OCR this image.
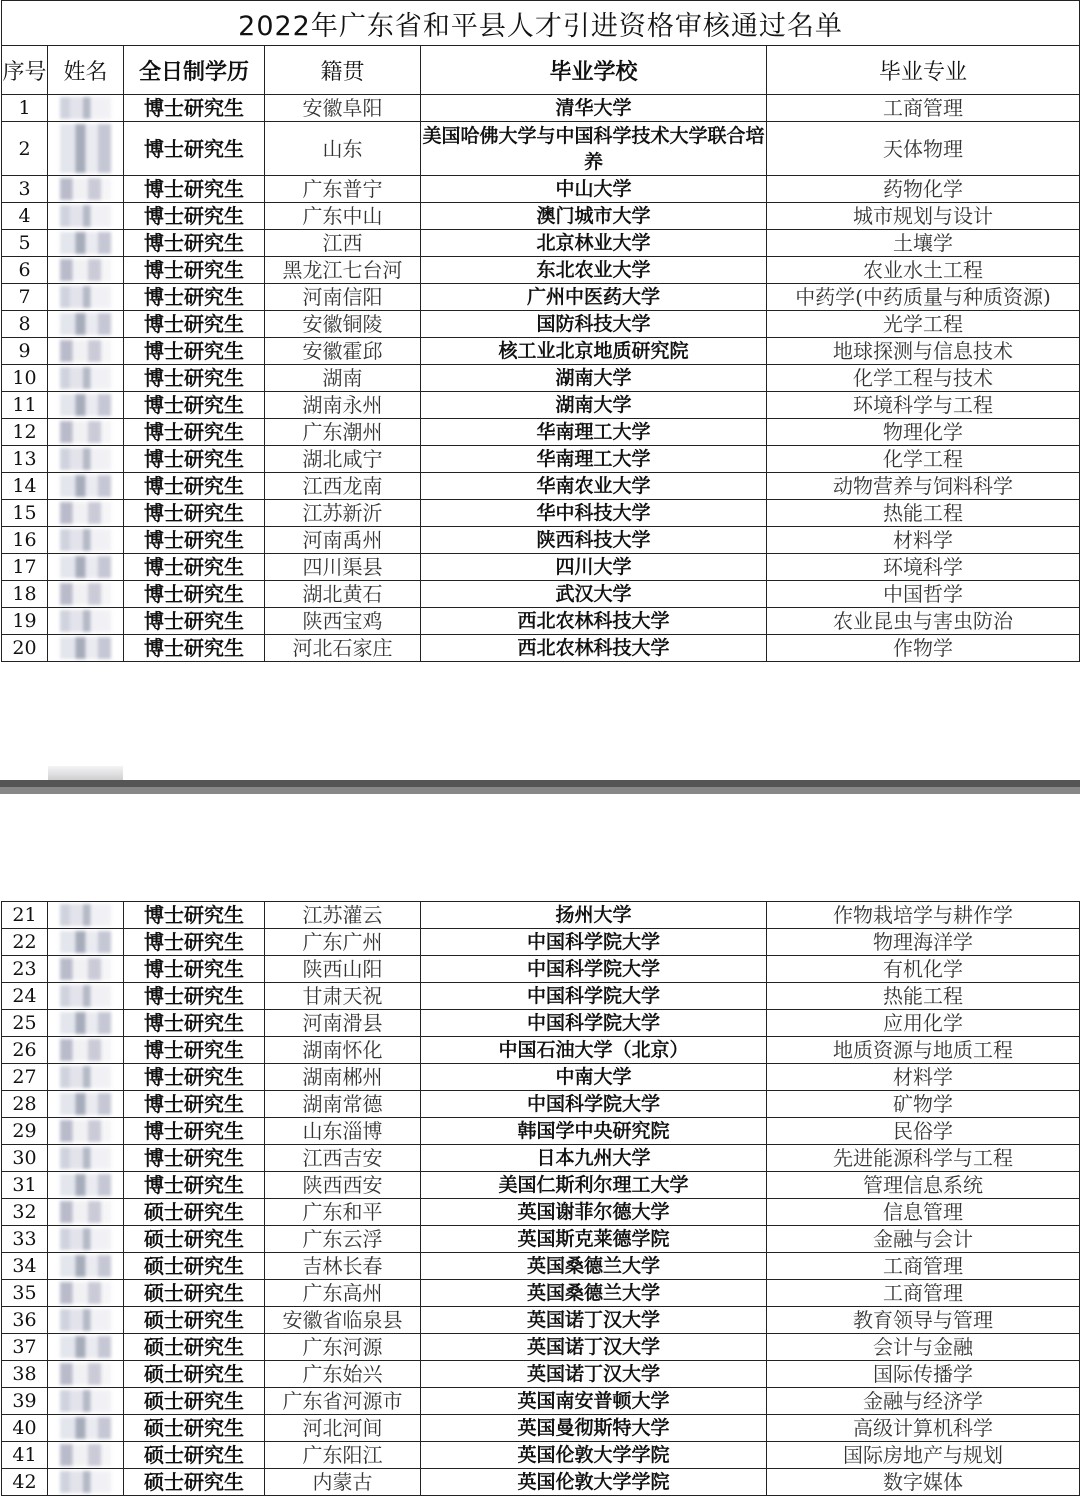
2022年广东省和平县人才引进资格审核通过名单					
序号	姓名	全日制学历	籍贯	毕业学校	毕业专业
1		博士研究生	安徽阜阳	清华大学	工商管理
2		博士研究生	山东	美国哈佛大学与中国科学技术大学联合培养	天体物理
3		博士研究生	广东普宁	中山大学	药物化学
4		博士研究生	广东中山	澳门城市大学	城市规划与设计
5		博士研究生	江西	北京林业大学	土壤学
6		博士研究生	黑龙江七台河	东北农业大学	农业水土工程
7		博士研究生	河南信阳	广州中医药大学	中药学(中药质量与种质资源)
8		博士研究生	安徽铜陵	国防科技大学	光学工程
9		博士研究生	安徽霍邱	核工业北京地质研究院	地球探测与信息技术
10		博士研究生	湖南	湖南大学	化学工程与技术
11		博士研究生	湖南永州	湖南大学	环境科学与工程
12		博士研究生	广东潮州	华南理工大学	物理化学
13		博士研究生	湖北咸宁	华南理工大学	化学工程
14		博士研究生	江西龙南	华南农业大学	动物营养与饲料科学
15		博士研究生	江苏新沂	华中科技大学	热能工程
16		博士研究生	河南禹州	陕西科技大学	材料学
17		博士研究生	四川渠县	四川大学	环境科学
18		博士研究生	湖北黄石	武汉大学	中国哲学
19		博士研究生	陕西宝鸡	西北农林科技大学	农业昆虫与害虫防治
20		博士研究生	河北石家庄	西北农林科技大学	作物学
21		博士研究生	江苏灌云	扬州大学	作物栽培学与耕作学
22		博士研究生	广东广州	中国科学院大学	物理海洋学
23		博士研究生	陕西山阳	中国科学院大学	有机化学
24		博士研究生	甘肃天祝	中国科学院大学	热能工程
25		博士研究生	河南滑县	中国科学院大学	应用化学
26		博士研究生	湖南怀化	中国石油大学（北京）	地质资源与地质工程
27		博士研究生	湖南郴州	中南大学	材料学
28		博士研究生	湖南常德	中国科学院大学	矿物学
29		博士研究生	山东淄博	韩国学中央研究院	民俗学
30		博士研究生	江西吉安	日本九州大学	先进能源科学与工程
31		博士研究生	陕西西安	美国仁斯利尔理工大学	管理信息系统
32		硕士研究生	广东和平	英国谢菲尔德大学	信息管理
33		硕士研究生	广东云浮	英国斯克莱德学院	金融与会计
34		硕士研究生	吉林长春	英国桑德兰大学	工商管理
35		硕士研究生	广东高州	英国桑德兰大学	工商管理
36		硕士研究生	安徽省临泉县	英国诺丁汉大学	教育领导与管理
37		硕士研究生	广东河源	英国诺丁汉大学	会计与金融
38		硕士研究生	广东始兴	英国诺丁汉大学	国际传播学
39		硕士研究生	广东省河源市	英国南安普顿大学	金融与经济学
40		硕士研究生	河北河间	英国曼彻斯特大学	高级计算机科学
41		硕士研究生	广东阳江	英国伦敦大学学院	国际房地产与规划
42		硕士研究生	内蒙古	英国伦敦大学学院	数字媒体
